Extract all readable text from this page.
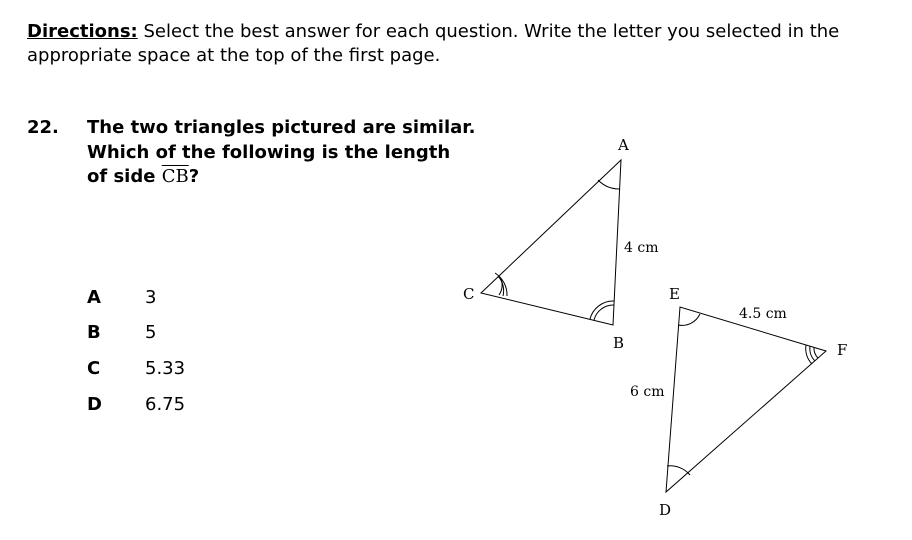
Directions: Select the best answer for each question. Write the letter you selected in the appropriate space at the top of the first page.
22. The two triangles pictured are similar.
Which of the following is the length
of side $\overline{CB}$?
A 3
B 5
C 5.33
D 6.75
A
B
C
4 cm
E
F
D
6 cm
4.5 cm
